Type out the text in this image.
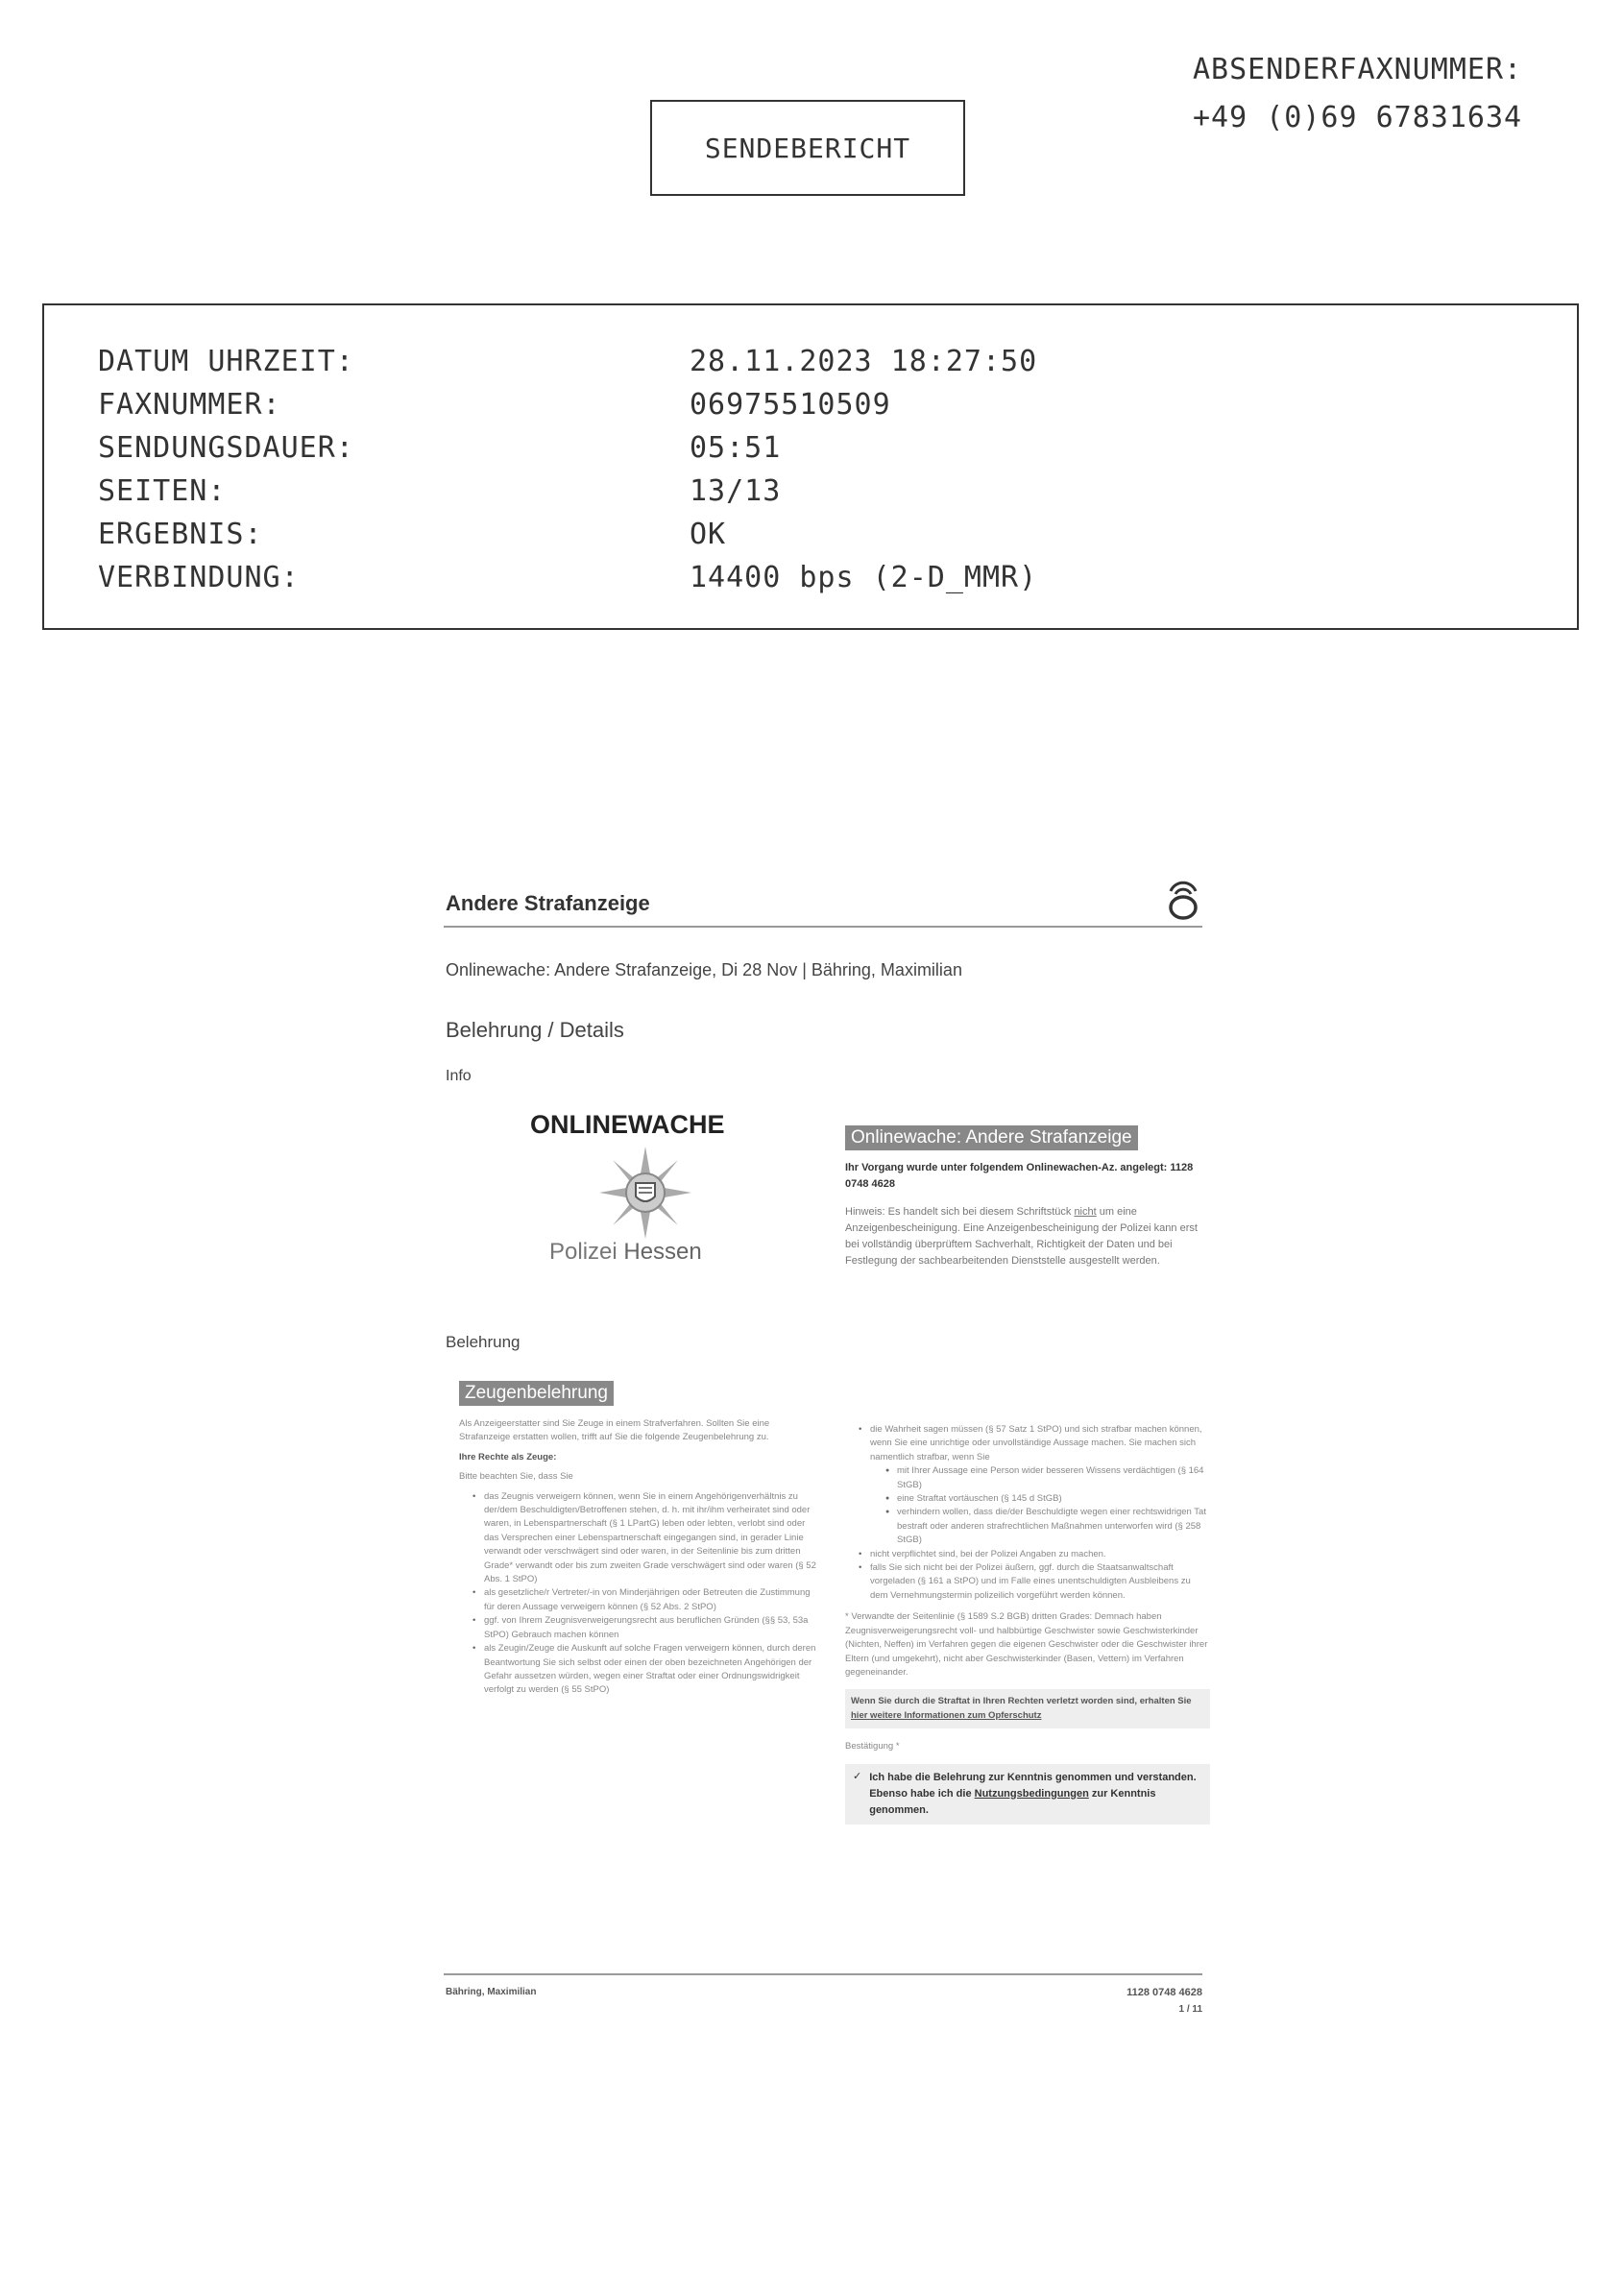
ABSENDERFAXNUMMER:
+49 (0)69 67831634
SENDEBERICHT
DATUM UHRZEIT:	28.11.2023 18:27:50
FAXNUMMER:	06975510509
SENDUNGSDAUER:	05:51
SEITEN:	13/13
ERGEBNIS:	OK
VERBINDUNG:	14400 bps (2-D_MMR)
Andere Strafanzeige
Onlinewache: Andere Strafanzeige, Di 28 Nov | Bähring, Maximilian
Belehrung / Details
Info
ONLINEWACHE
Polizei Hessen
Onlinewache: Andere Strafanzeige
Ihr Vorgang wurde unter folgendem Onlinewachen-Az. angelegt: 1128 0748 4628
Hinweis: Es handelt sich bei diesem Schriftstück nicht um eine Anzeigenbescheinigung. Eine Anzeigenbescheinigung der Polizei kann erst bei vollständig überprüftem Sachverhalt, Richtigkeit der Daten und bei Festlegung der sachbearbeitenden Dienststelle ausgestellt werden.
Belehrung
Zeugenbelehrung

Als Anzeigeerstatter sind Sie Zeuge in einem Strafverfahren. Sollten Sie eine Strafanzeige erstatten wollen, trifft auf Sie die folgende Zeugenbelehrung zu.

Ihre Rechte als Zeuge:

Bitte beachten Sie, dass Sie

• das Zeugnis verweigern können, wenn Sie in einem Angehörigenverhältnis zu der/dem Beschuldigten/Betroffenen stehen, d. h. mit ihr/ihm verheiratet sind oder waren, in Lebenspartnerschaft (§ 1 LPartG) leben oder lebten, verlobt sind oder das Versprechen einer Lebenspartnerschaft eingegangen sind, in gerader Linie verwandt oder verschwägert sind oder waren, in der Seitenlinie bis zum dritten Grade* verwandt oder bis zum zweiten Grade verschwägert sind oder waren (§ 52 Abs. 1 StPO)
• als gesetzliche/r Vertreter/-in von Minderjährigen oder Betreuten die Zustimmung für deren Aussage verweigern können (§ 52 Abs. 2 StPO)
• ggf. von Ihrem Zeugnisverweigerungsrecht aus beruflichen Gründen (§§ 53, 53a StPO) Gebrauch machen können
• als Zeugin/Zeuge die Auskunft auf solche Fragen verweigern können, durch deren Beantwortung Sie sich selbst oder einen der oben bezeichneten Angehörigen der Gefahr aussetzen würden, wegen einer Straftat oder einer Ordnungswidrigkeit verfolgt zu werden (§ 55 StPO)
• die Wahrheit sagen müssen (§ 57 Satz 1 StPO) und sich strafbar machen können, wenn Sie eine unrichtige oder unvollständige Aussage machen. Sie machen sich namentlich strafbar, wenn Sie
● mit Ihrer Aussage eine Person wider besseren Wissens verdächtigen (§ 164 StGB)
● eine Straftat vortäuschen (§ 145 d StGB)
● verhindern wollen, dass die/der Beschuldigte wegen einer rechtswidrigen Tat bestraft oder anderen strafrechtlichen Maßnahmen unterworfen wird (§ 258 StGB)
• nicht verpflichtet sind, bei der Polizei Angaben zu machen.
• falls Sie sich nicht bei der Polizei äußern, ggf. durch die Staatsanwaltschaft vorgeladen (§ 161 a StPO) und im Falle eines unentschuldigten Ausbleibens zu dem Vernehmungstermin polizeilich vorgeführt werden können.

* Verwandte der Seitenlinie (§ 1589 S.2 BGB) dritten Grades: Demnach haben Zeugnisverweigerungsrecht voll- und halbbürtige Geschwister sowie Geschwisterkinder (Nichten, Neffen) im Verfahren gegen die eigenen Geschwister oder die Geschwister ihrer Eltern (und umgekehrt), nicht aber Geschwisterkinder (Basen, Vettern) im Verfahren gegeneinander.

Wenn Sie durch die Straftat in Ihren Rechten verletzt worden sind, erhalten Sie hier weitere Informationen zum Opferschutz

Bestätigung *

✓ Ich habe die Belehrung zur Kenntnis genommen und verstanden. Ebenso habe ich die Nutzungsbedingungen zur Kenntnis genommen.
Bähring, Maximilian	1128 0748 4628
1 / 11
